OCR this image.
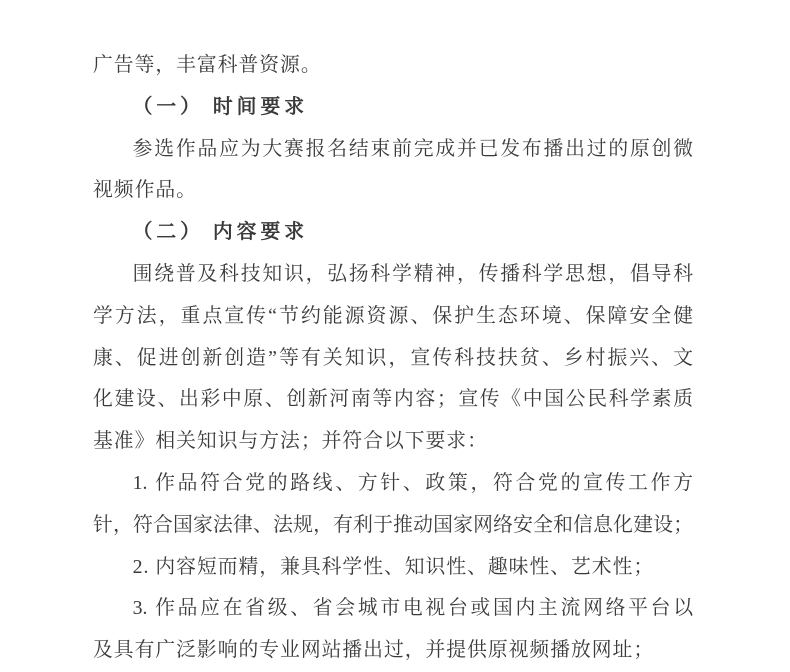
广告等，丰富科普资源。
（一） 时间要求
参选作品应为大赛报名结束前完成并已发布播出过的原创微
视频作品。
（二） 内容要求
围绕普及科技知识，弘扬科学精神，传播科学思想，倡导科
学方法，重点宣传“节约能源资源、保护生态环境、保障安全健
康、促进创新创造”等有关知识，宣传科技扶贫、乡村振兴、文
化建设、出彩中原、创新河南等内容；宣传《中国公民科学素质
基准》相关知识与方法；并符合以下要求：
1. 作品符合党的路线、方针、政策，符合党的宣传工作方
针，符合国家法律、法规，有利于推动国家网络安全和信息化建设；
2. 内容短而精，兼具科学性、知识性、趣味性、艺术性；
3. 作品应在省级、省会城市电视台或国内主流网络平台以
及具有广泛影响的专业网站播出过，并提供原视频播放网址；
